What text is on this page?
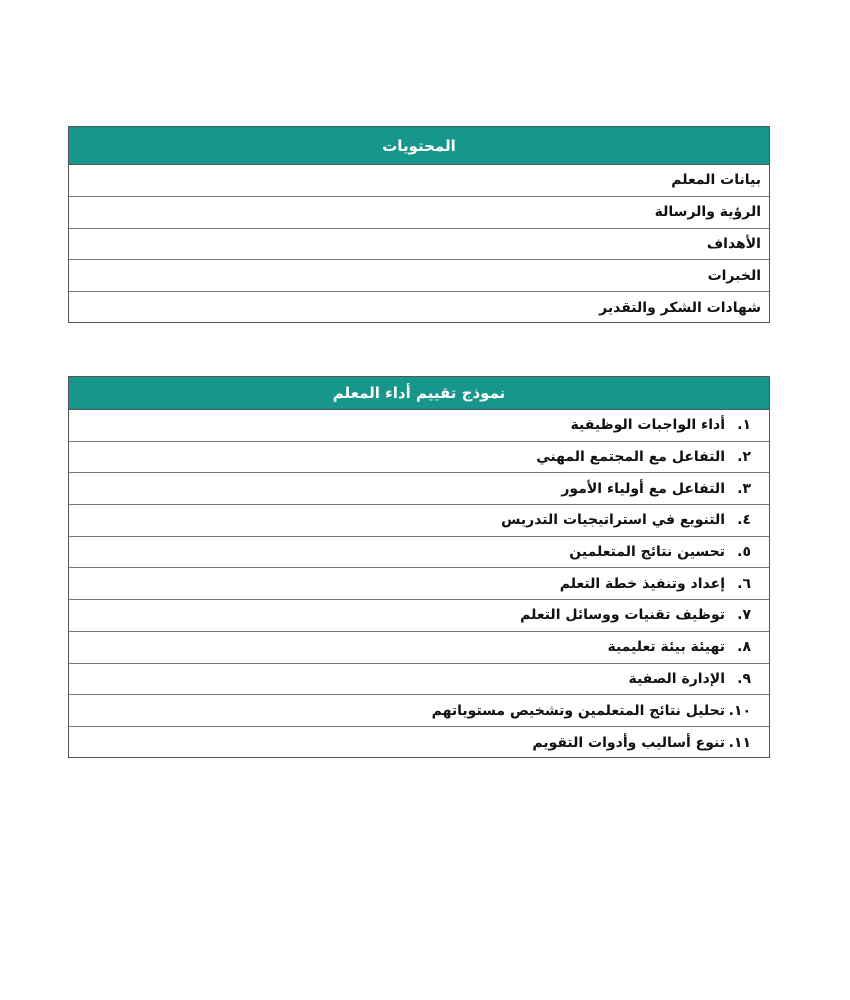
المحتويات
بيانات المعلم
الرؤية والرسالة
الأهداف
الخبرات
شهادات الشكر والتقدير
نموذج تقييم أداء المعلم
١.
أداء الواجبات الوظيفية
٢.
التفاعل مع المجتمع المهني
٣.
التفاعل مع أولياء الأمور
٤.
التنويع في استراتيجيات التدريس
٥.
تحسين نتائج المتعلمين
٦.
إعداد وتنفيذ خطة التعلم
٧.
توظيف تقنيات ووسائل التعلم
٨.
تهيئة بيئة تعليمية
٩.
الإدارة الصفية
١٠.
تحليل نتائج المتعلمين وتشخيص مستوياتهم
١١.
تنوع أساليب وأدوات التقويم
